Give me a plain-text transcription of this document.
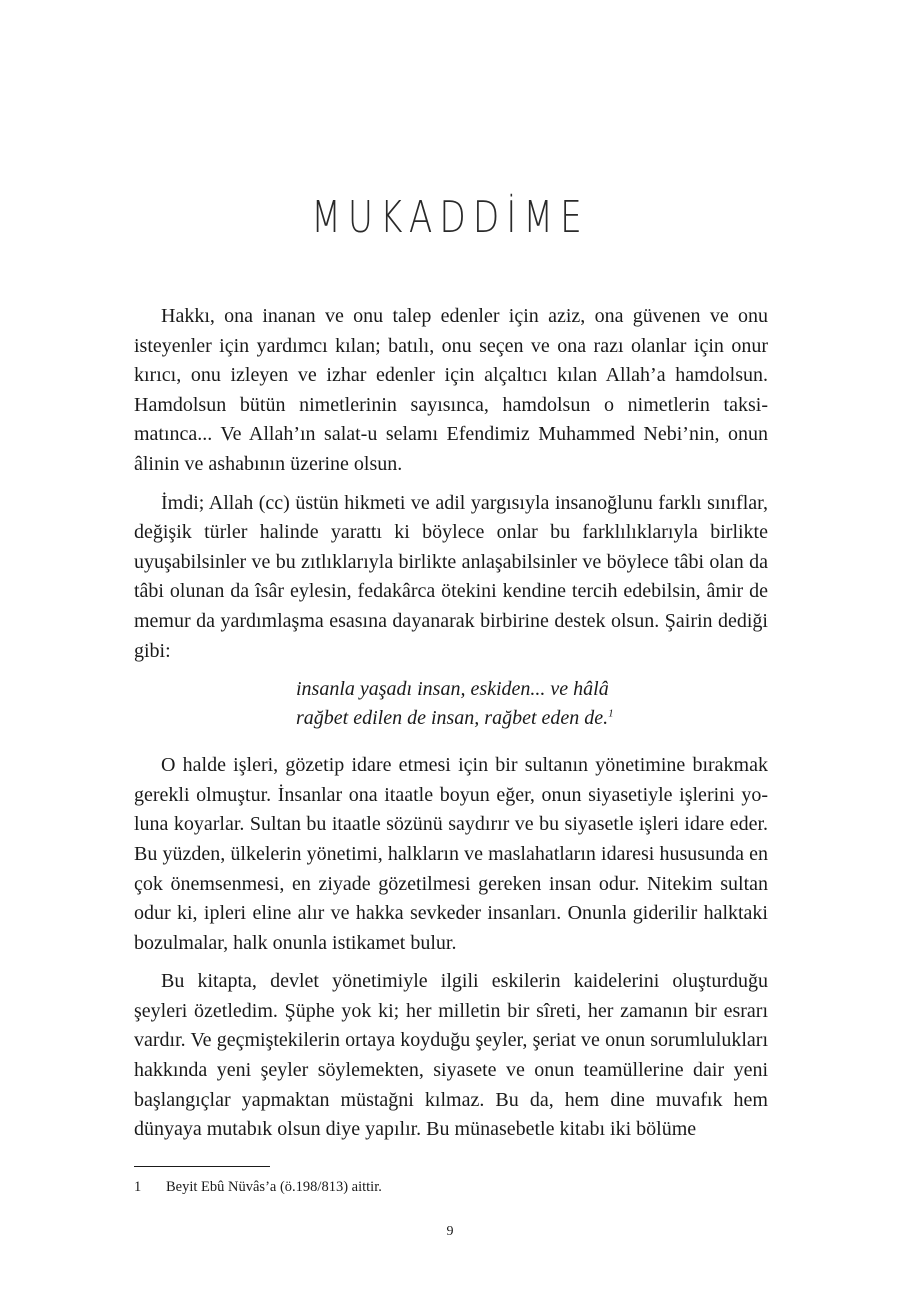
MUKADDİME

Hakkı, ona inanan ve onu talep edenler için aziz, ona güvenen ve onu isteyenler için yardımcı kılan; batılı, onu seçen ve ona razı olanlar için onur kırıcı, onu izleyen ve izhar edenler için alçaltıcı kılan Allah’a hamdolsun. Hamdolsun bütün nimetlerinin sayısınca, hamdolsun o nimetlerin taksimatınca... Ve Allah’ın salat-u selamı Efendimiz Muhammed Nebi’nin, onun âlinin ve ashabının üzerine olsun.

İmdi; Allah (cc) üstün hikmeti ve adil yargısıyla insanoğlunu farklı sınıflar, değişik türler halinde yarattı ki böylece onlar bu farklılıklarıyla birlikte uyuşabilsinler ve bu zıtlıklarıyla birlikte anlaşabilsinler ve böylece tâbi olan da tâbi olunan da îsâr eylesin, fedakârca ötekini kendine tercih edebilsin, âmir de memur da yardımlaşma esasına dayanarak birbirine destek olsun. Şairin dediği gibi:

insanla yaşadı insan, eskiden... ve hâlâ
rağbet edilen de insan, rağbet eden de.$^1$

O halde işleri, gözetip idare etmesi için bir sultanın yönetimine bırakmak gerekli olmuştur. İnsanlar ona itaatle boyun eğer, onun siyasetiyle işlerini yoluna koyarlar. Sultan bu itaatle sözünü saydırır ve bu siyasetle işleri idare eder. Bu yüzden, ülkelerin yönetimi, halkların ve maslahatların idaresi hususunda en çok önemsenmesi, en ziyade gözetilmesi gereken insan odur. Nitekim sultan odur ki, ipleri eline alır ve hakka sevkeder insanları. Onunla giderilir halktaki bozulmalar, halk onunla istikamet bulur.

Bu kitapta, devlet yönetimiyle ilgili eskilerin kaidelerini oluşturduğu şeyleri özetledim. Şüphe yok ki; her milletin bir sîreti, her zamanın bir esrarı vardır. Ve geçmiştekilerin ortaya koyduğu şeyler, şeriat ve onun sorumlulukları hakkında yeni şeyler söylemekten, siyasete ve onun teamüllerine dair yeni başlangıçlar yapmaktan müstağni kılmaz. Bu da, hem dine muvafık hem dünyaya mutabık olsun diye yapılır. Bu münasebetle kitabı iki bölüme

1 Beyit Ebû Nüvâs’a (ö.198/813) aittir.
9
